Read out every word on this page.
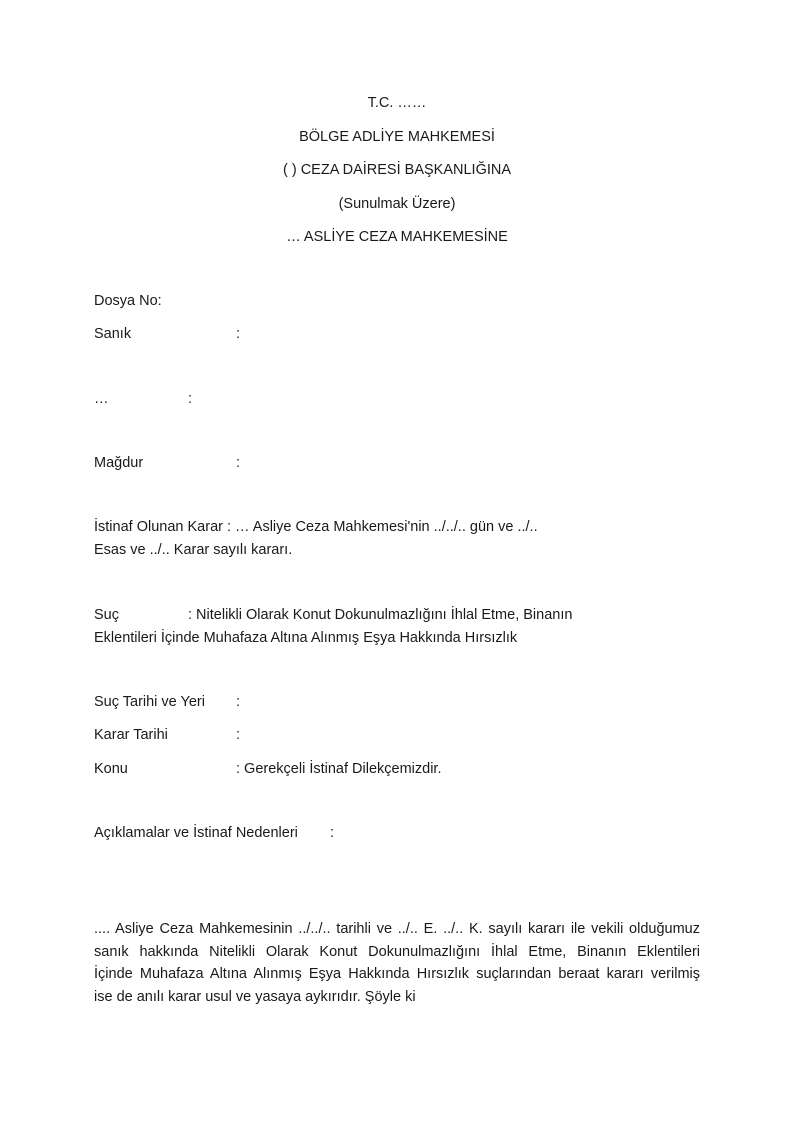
T.C. ……
BÖLGE ADLİYE MAHKEMESİ
( ) CEZA DAİRESİ BAŞKANLIĞINA
(Sunulmak Üzere)
… ASLİYE CEZA MAHKEMESİNE
Dosya No:
Sanık	:
…	:
Mağdur	:
İstinaf Olunan Karar : … Asliye Ceza Mahkemesi'nin ../../.. gün ve ../..
Esas ve ../.. Karar sayılı kararı.
Suç	: Nitelikli Olarak Konut Dokunulmazlığını İhlal Etme, Binanın
Eklentileri İçinde Muhafaza Altına Alınmış Eşya Hakkında Hırsızlık
Suç Tarihi ve Yeri :
Karar Tarihi	:
Konu	: Gerekçeli İstinaf Dilekçemizdir.
Açıklamalar ve İstinaf Nedenleri :
.... Asliye Ceza Mahkemesinin ../../.. tarihli ve ../.. E. ../.. K. sayılı kararı ile vekili olduğumuz
sanık hakkında Nitelikli Olarak Konut Dokunulmazlığını İhlal Etme, Binanın Eklentileri
İçinde Muhafaza Altına Alınmış Eşya Hakkında Hırsızlık suçlarından beraat kararı verilmiş
ise de anılı karar usul ve yasaya aykırıdır. Şöyle ki
